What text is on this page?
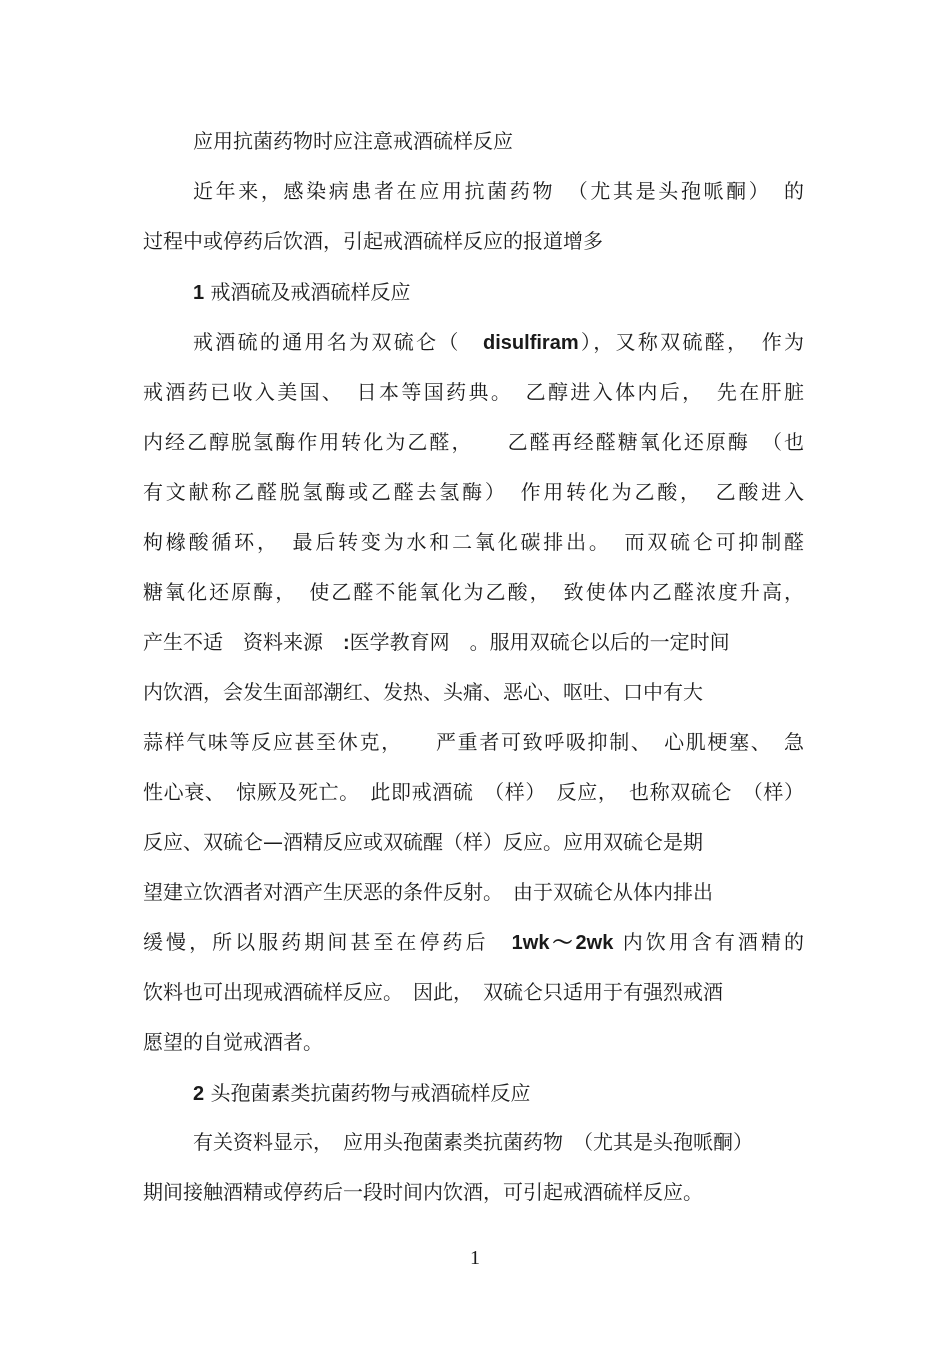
应用抗菌药物时应注意戒酒硫样反应
近年来，感染病患者在应用抗菌药物　（尤其是头孢哌酮）　的
过程中或停药后饮酒，引起戒酒硫样反应的报道增多
1 戒酒硫及戒酒硫样反应
戒酒硫的通用名为双硫仑（　disulfiram），又称双硫醛，　作为
戒酒药已收入美国、　日本等国药典。　乙醇进入体内后，　先在肝脏
内经乙醇脱氢酶作用转化为乙醛，　　乙醛再经醛糖氧化还原酶　（也
有文献称乙醛脱氢酶或乙醛去氢酶）　作用转化为乙酸，　乙酸进入
枸橼酸循环，　最后转变为水和二氧化碳排出。　而双硫仑可抑制醛
糖氧化还原酶，　使乙醛不能氧化为乙酸，　致使体内乙醛浓度升高，
产生不适　资料来源　:医学教育网　。服用双硫仑以后的一定时间
内饮酒，会发生面部潮红、发热、头痛、恶心、呕吐、口中有大
蒜样气味等反应甚至休克，　　严重者可致呼吸抑制、　心肌梗塞、　急
性心衰、　惊厥及死亡。　此即戒酒硫　（样）　反应，　也称双硫仑　（样）
反应、双硫仑—酒精反应或双硫醒（样）反应。应用双硫仑是期
望建立饮酒者对酒产生厌恶的条件反射。　由于双硫仑从体内排出
缓慢，所以服药期间甚至在停药后　1wk～2wk 内饮用含有酒精的
饮料也可出现戒酒硫样反应。　因此，　双硫仑只适用于有强烈戒酒
愿望的自觉戒酒者。
2 头孢菌素类抗菌药物与戒酒硫样反应
有关资料显示，　应用头孢菌素类抗菌药物　（尤其是头孢哌酮）
期间接触酒精或停药后一段时间内饮酒，可引起戒酒硫样反应。
1
